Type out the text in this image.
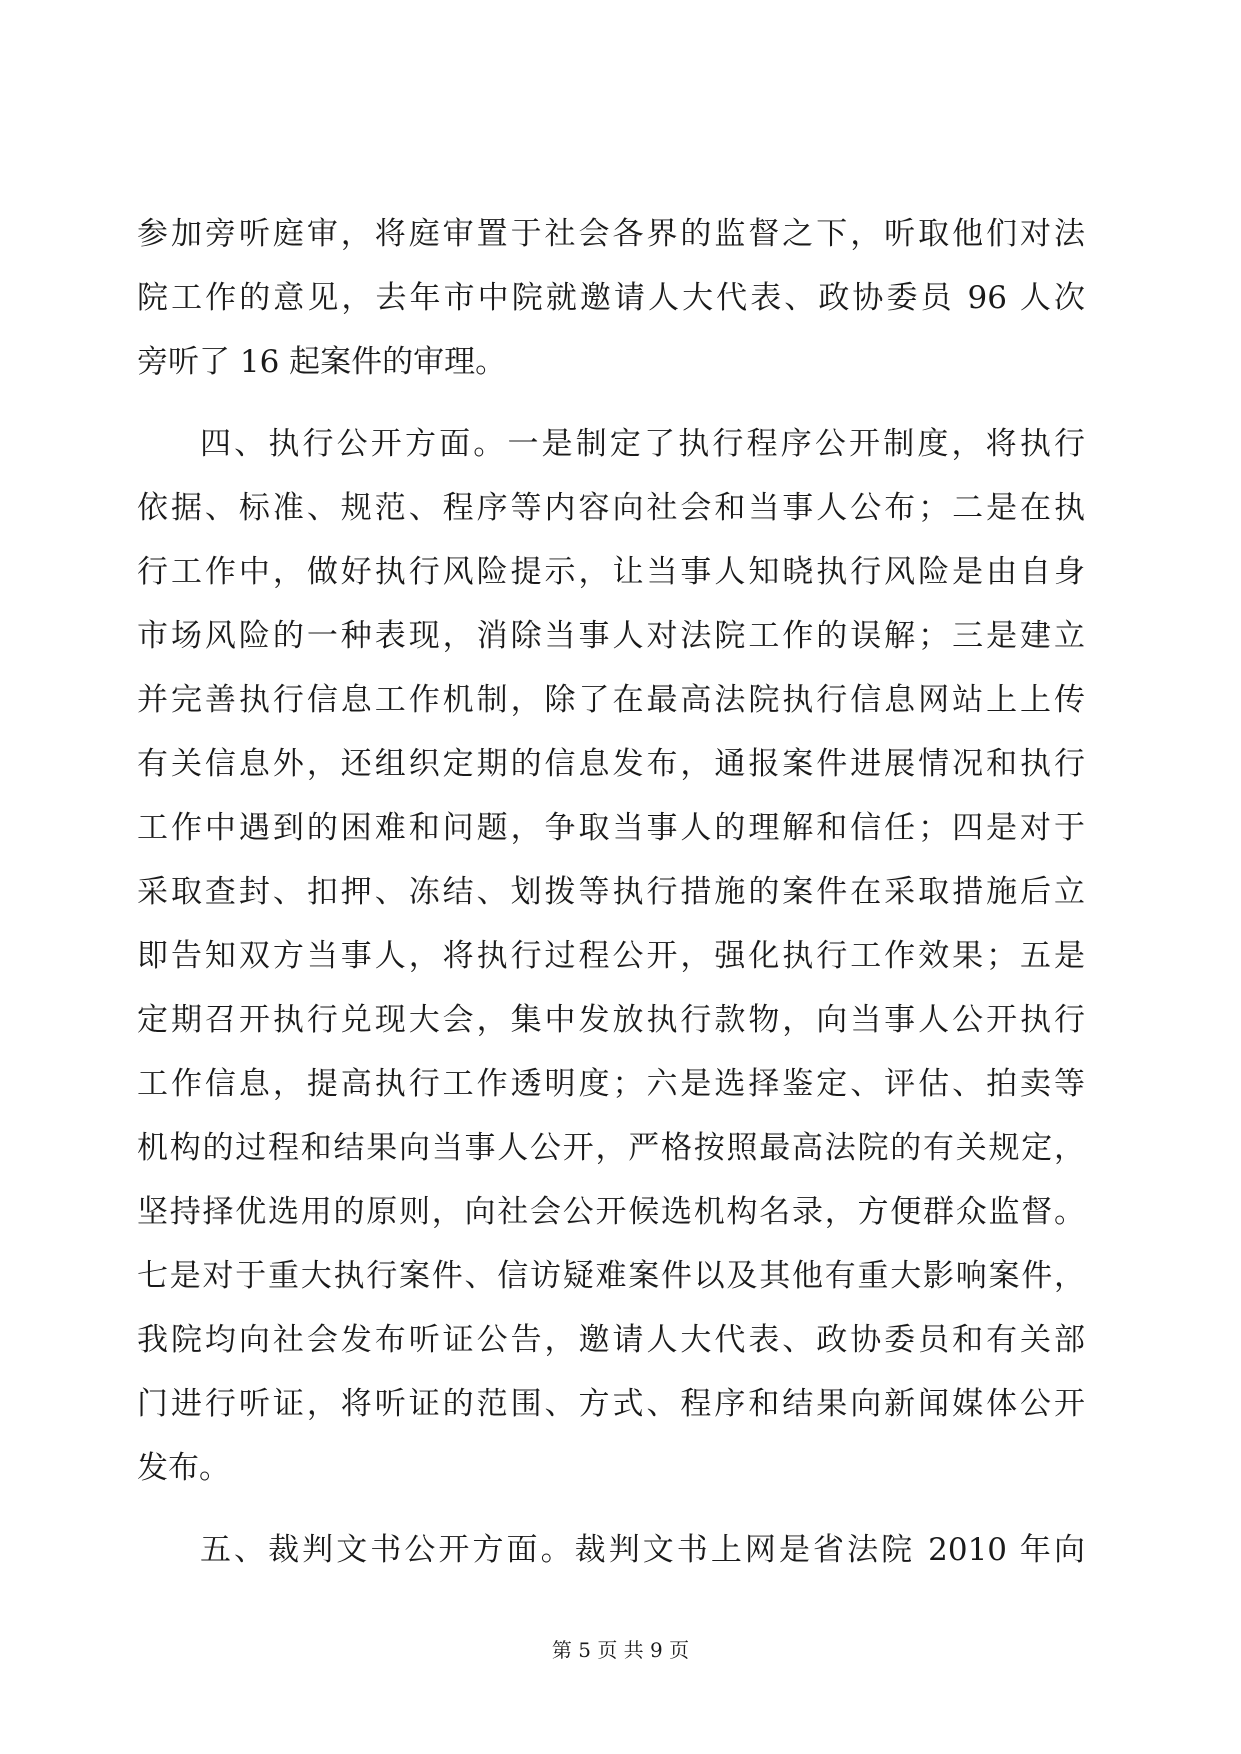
参加旁听庭审，将庭审置于社会各界的监督之下，听取他们对法
院工作的意见，去年市中院就邀请人大代表、政协委员 96 人次
旁听了 16 起案件的审理。
四、执行公开方面。一是制定了执行程序公开制度，将执行
依据、标准、规范、程序等内容向社会和当事人公布；二是在执
行工作中，做好执行风险提示，让当事人知晓执行风险是由自身
市场风险的一种表现，消除当事人对法院工作的误解；三是建立
并完善执行信息工作机制，除了在最高法院执行信息网站上上传
有关信息外，还组织定期的信息发布，通报案件进展情况和执行
工作中遇到的困难和问题，争取当事人的理解和信任；四是对于
采取查封、扣押、冻结、划拨等执行措施的案件在采取措施后立
即告知双方当事人，将执行过程公开，强化执行工作效果；五是
定期召开执行兑现大会，集中发放执行款物，向当事人公开执行
工作信息，提高执行工作透明度；六是选择鉴定、评估、拍卖等
机构的过程和结果向当事人公开，严格按照最高法院的有关规定，
坚持择优选用的原则，向社会公开候选机构名录，方便群众监督。
七是对于重大执行案件、信访疑难案件以及其他有重大影响案件，
我院均向社会发布听证公告，邀请人大代表、政协委员和有关部
门进行听证，将听证的范围、方式、程序和结果向新闻媒体公开
发布。
五、裁判文书公开方面。裁判文书上网是省法院 2010 年向
第 5 页 共 9 页
